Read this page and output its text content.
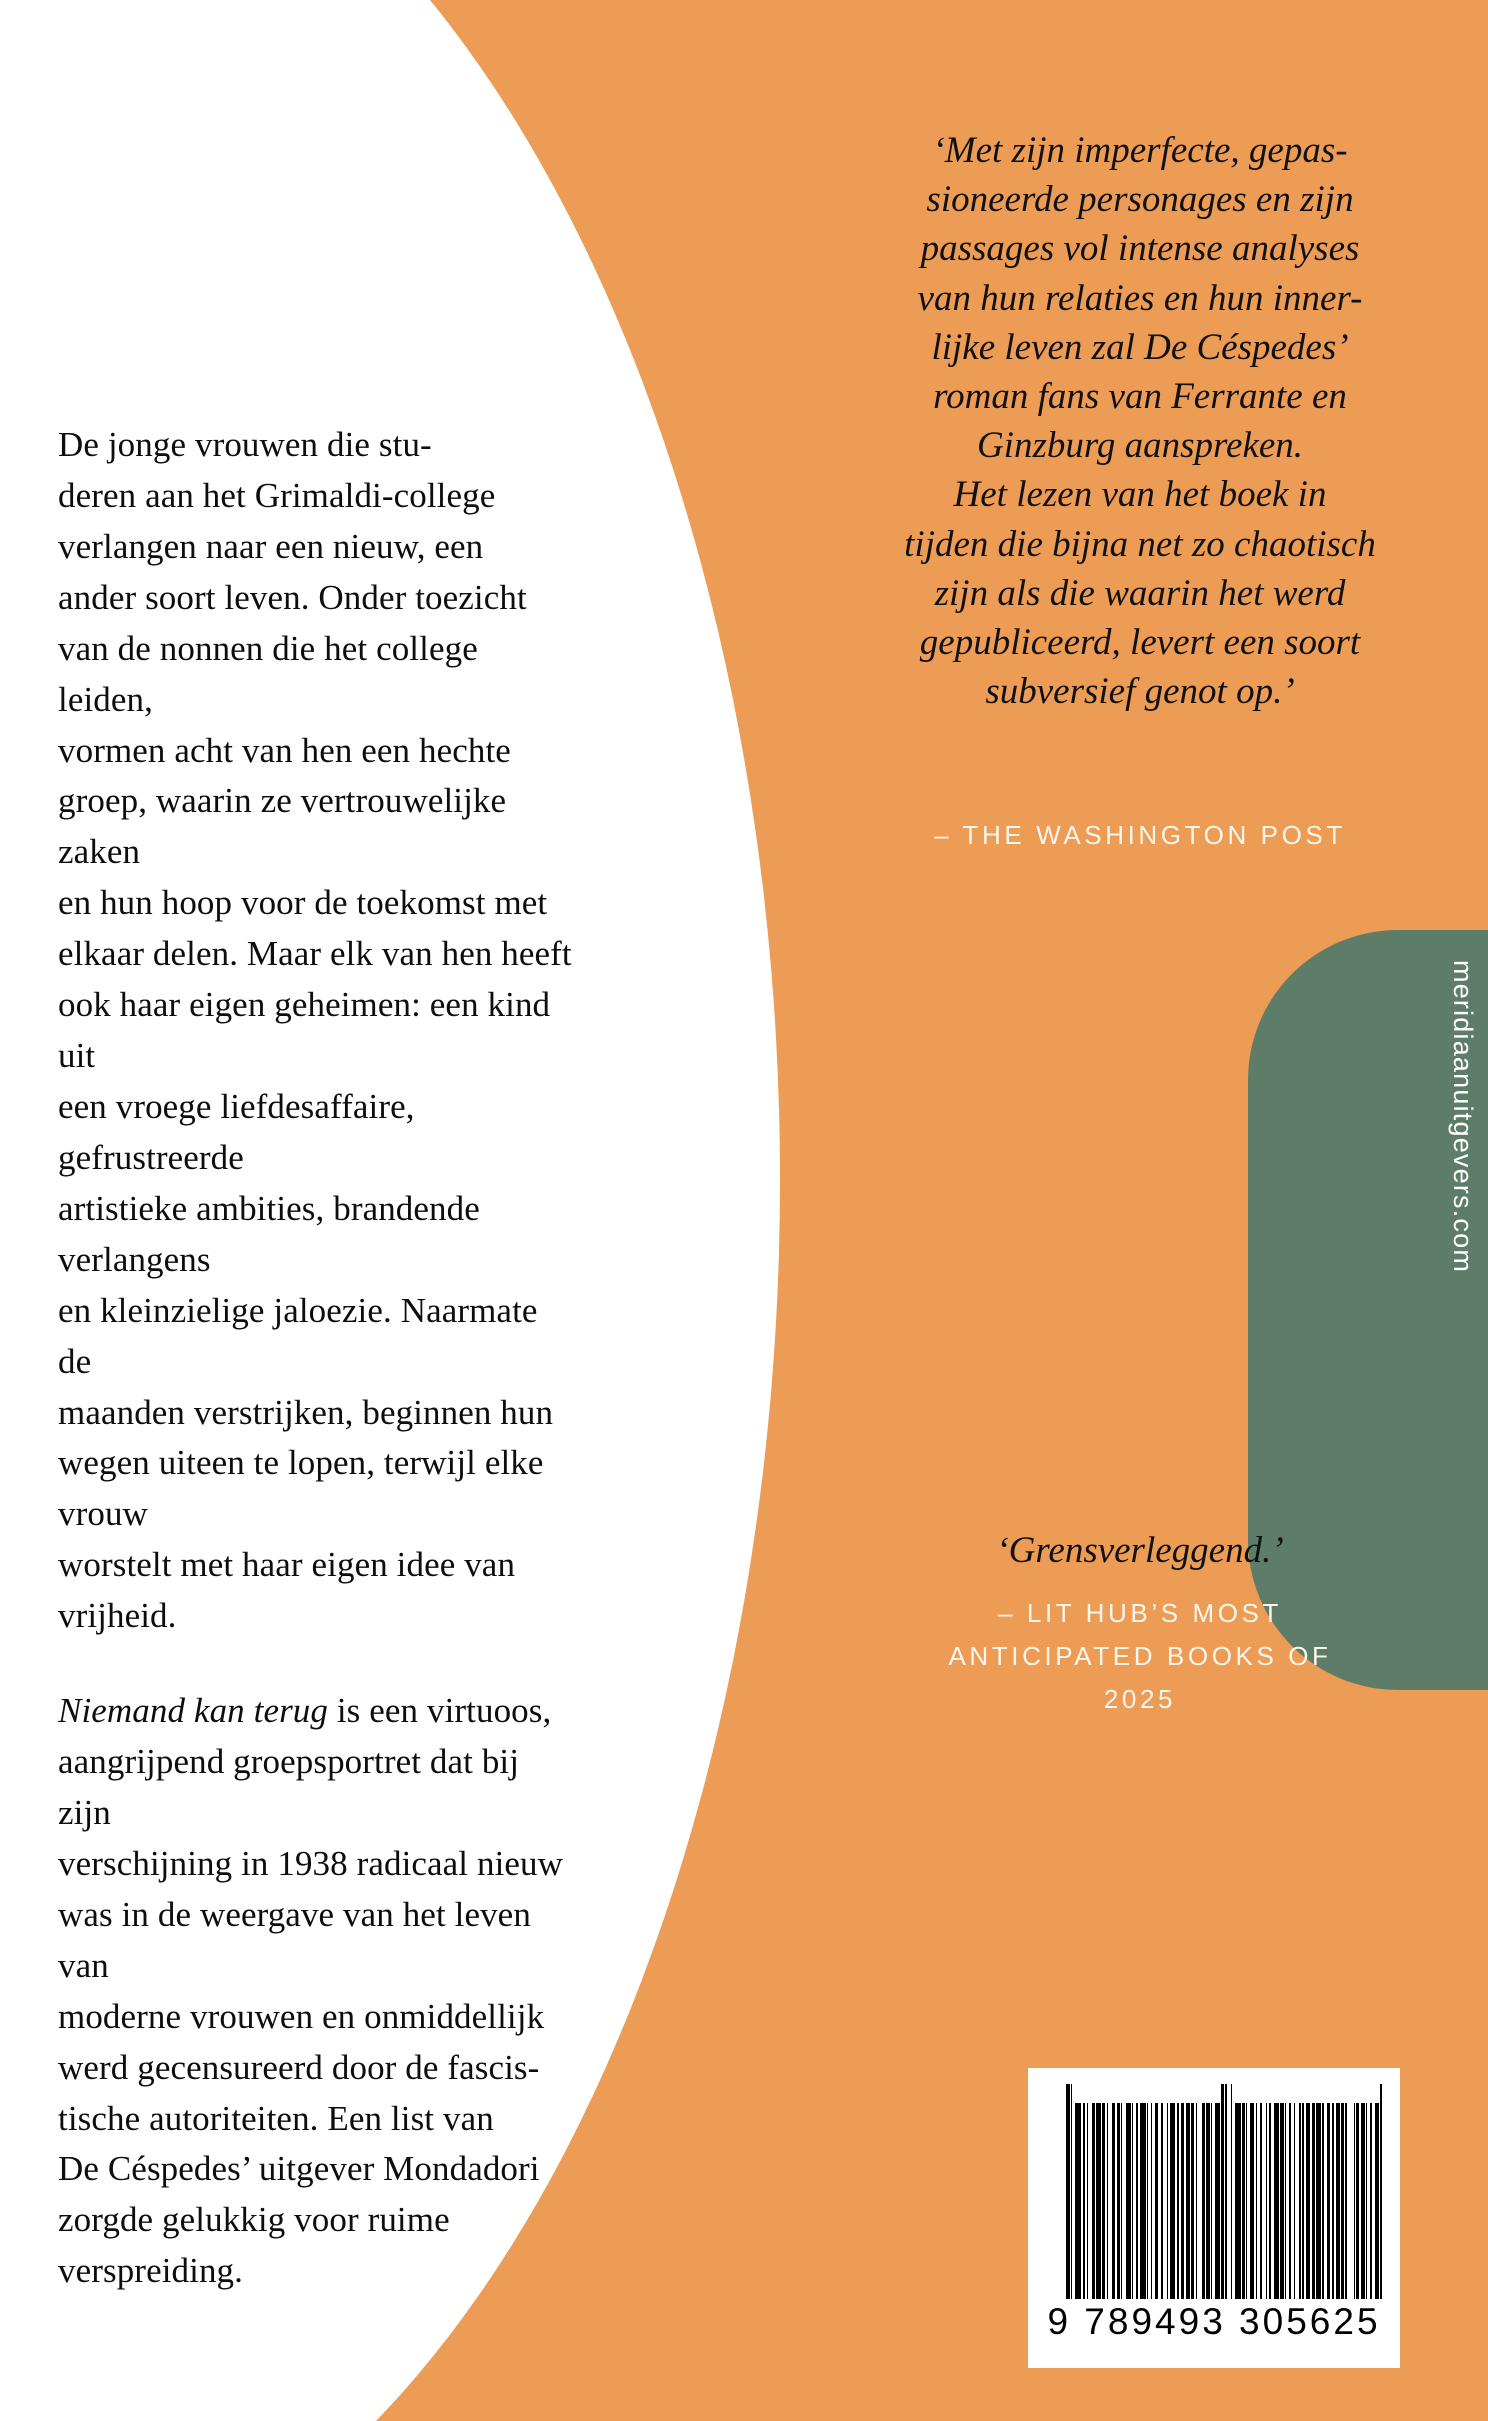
De jonge vrouwen die stu-
deren aan het Grimaldi-college
verlangen naar een nieuw, een
ander soort leven. Onder toezicht
van de nonnen die het college leiden,
vormen acht van hen een hechte
groep, waarin ze vertrouwelijke zaken
en hun hoop voor de toekomst met
elkaar delen. Maar elk van hen heeft
ook haar eigen geheimen: een kind uit
een vroege liefdesaffaire, gefrustreerde
artistieke ambities, brandende verlangens
en kleinzielige jaloezie. Naarmate de
maanden verstrijken, beginnen hun
wegen uiteen te lopen, terwijl elke vrouw
worstelt met haar eigen idee van vrijheid.

Niemand kan terug is een virtuoos,
aangrijpend groepsportret dat bij zijn
verschijning in 1938 radicaal nieuw
was in de weergave van het leven van
moderne vrouwen en onmiddellijk
werd gecensureerd door de fascis-
tische autoriteiten. Een list van
De Céspedes’ uitgever Mondadori
zorgde gelukkig voor ruime
verspreiding.

‘Met zijn imperfecte, gepas-

sioneerde personages en zijn

passages vol intense analyses

van hun relaties en hun inner-

lijke leven zal De Céspedes’

roman fans van Ferrante en

Ginzburg aanspreken.

Het lezen van het boek in

tijden die bijna net zo chaotisch

zijn als die waarin het werd

gepubliceerd, levert een soort

subversief genot op.’

– THE WASHINGTON POST
meridiaanuitgevers.com
‘Grensverleggend.’
– LIT HUB’S MOST
ANTICIPATED BOOKS OF
2025
9 789493 305625
